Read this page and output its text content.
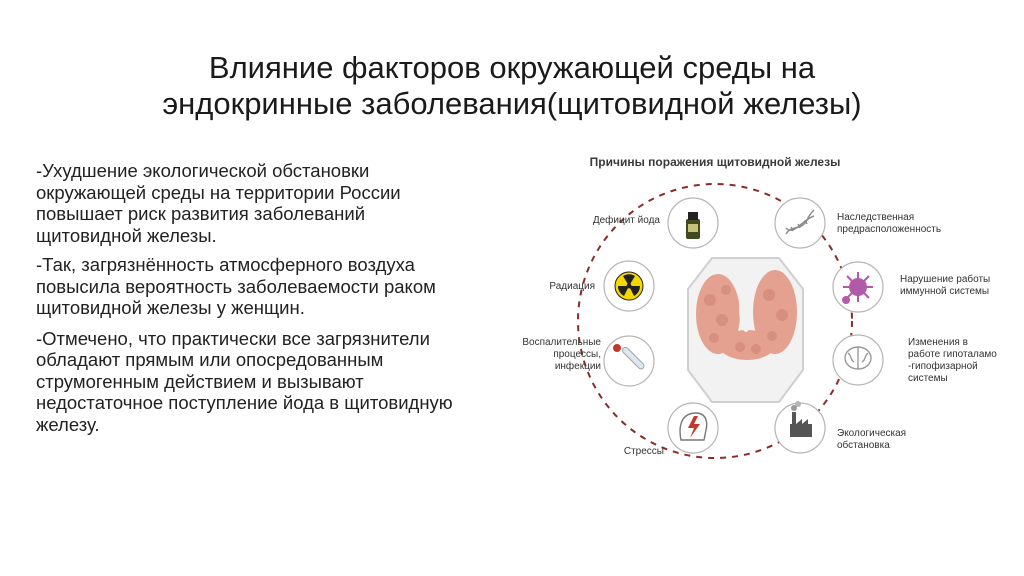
Влияние факторов окружающей среды на
эндокринные заболевания(щитовидной железы)

-Ухудшение экологической обстановки
окружающей среды на территории России
повышает риск развития заболеваний
щитовидной железы.

-Так, загрязнённость атмосферного воздуха
повысила вероятность заболеваемости раком
щитовидной железы у женщин.

-Отмечено, что практически все загрязнители
обладают прямым или опосредованным
струмогенным действием и вызывают
недостаточное поступление йода в щитовидную
железу.

Причины поражения щитовидной железы
Дефицит йода	Наследственная предрасположенность
Нарушение работы иммунной системы
Изменения в работе гипоталамо -гипофизарной системы
Экологическая обстановка
Стрессы
Воспалительные процессы, инфекции
Радиация
